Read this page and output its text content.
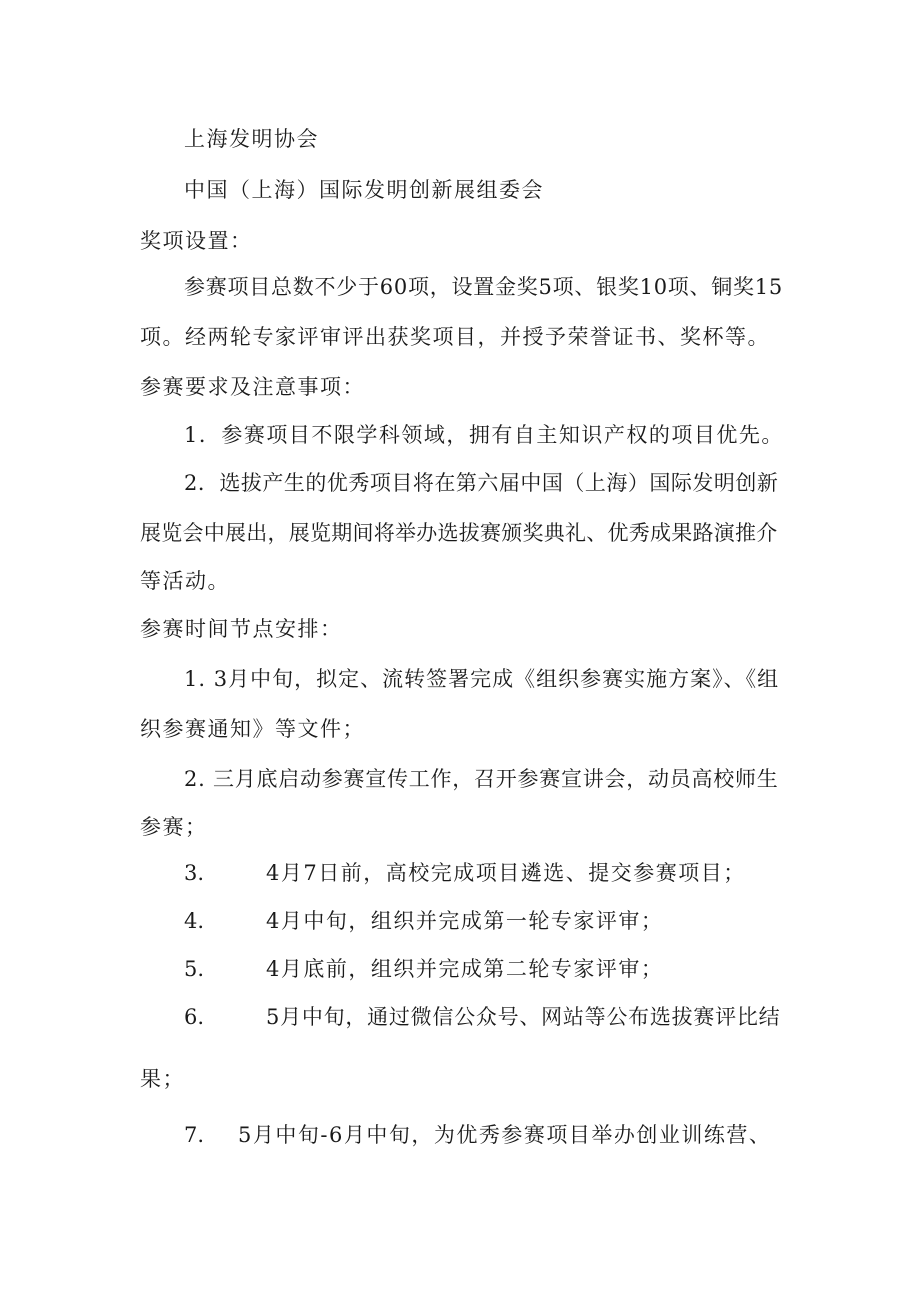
上海发明协会
中国（上海）国际发明创新展组委会
奖项设置：
参赛项目总数不少于60项，设置金奖5项、银奖10项、铜奖15
项。经两轮专家评审评出获奖项目，并授予荣誉证书、奖杯等。
参赛要求及注意事项：
1．参赛项目不限学科领域，拥有自主知识产权的项目优先。
2．选拔产生的优秀项目将在第六届中国（上海）国际发明创新
展览会中展出，展览期间将举办选拔赛颁奖典礼、优秀成果路演推介
等活动。
参赛时间节点安排：
1. 3月中旬，拟定、流转签署完成《组织参赛实施方案》、《组
织参赛通知》等文件；
2. 三月底启动参赛宣传工作，召开参赛宣讲会，动员高校师生
参赛；
3.	4月7日前，高校完成项目遴选、提交参赛项目；
4.	4月中旬，组织并完成第一轮专家评审；
5.	4月底前，组织并完成第二轮专家评审；
6.	5月中旬，通过微信公众号、网站等公布选拔赛评比结
果；
7. 5月中旬-6月中旬，为优秀参赛项目举办创业训练营、
